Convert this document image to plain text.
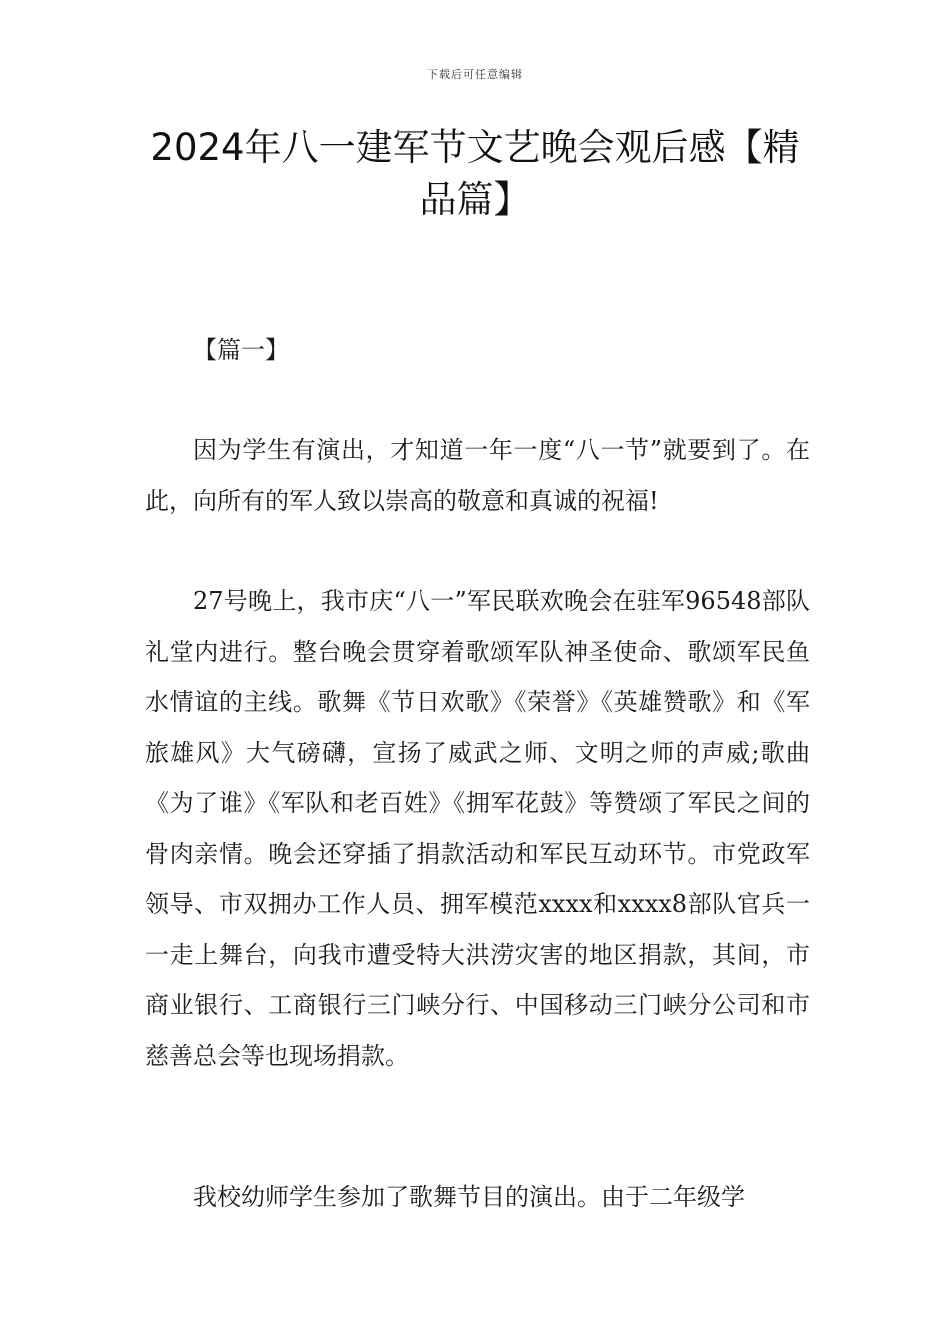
下载后可任意编辑
2024年八一建军节文艺晚会观后感【精品篇】
【篇一】

因为学生有演出，才知道一年一度“八一节”就要到了。在此，向所有的军人致以崇高的敬意和真诚的祝福!

27号晚上，我市庆“八一”军民联欢晚会在驻军96548部队礼堂内进行。整台晚会贯穿着歌颂军队神圣使命、歌颂军民鱼水情谊的主线。歌舞《节日欢歌》《荣誉》《英雄赞歌》和《军旅雄风》大气磅礴，宣扬了威武之师、文明之师的声威;歌曲《为了谁》《军队和老百姓》《拥军花鼓》等赞颂了军民之间的骨肉亲情。晚会还穿插了捐款活动和军民互动环节。市党政军领导、市双拥办工作人员、拥军模范xxxx和xxxx8部队官兵一一走上舞台，向我市遭受特大洪涝灾害的地区捐款，其间，市商业银行、工商银行三门峡分行、中国移动三门峡分公司和市慈善总会等也现场捐款。

我校幼师学生参加了歌舞节目的演出。由于二年级学
